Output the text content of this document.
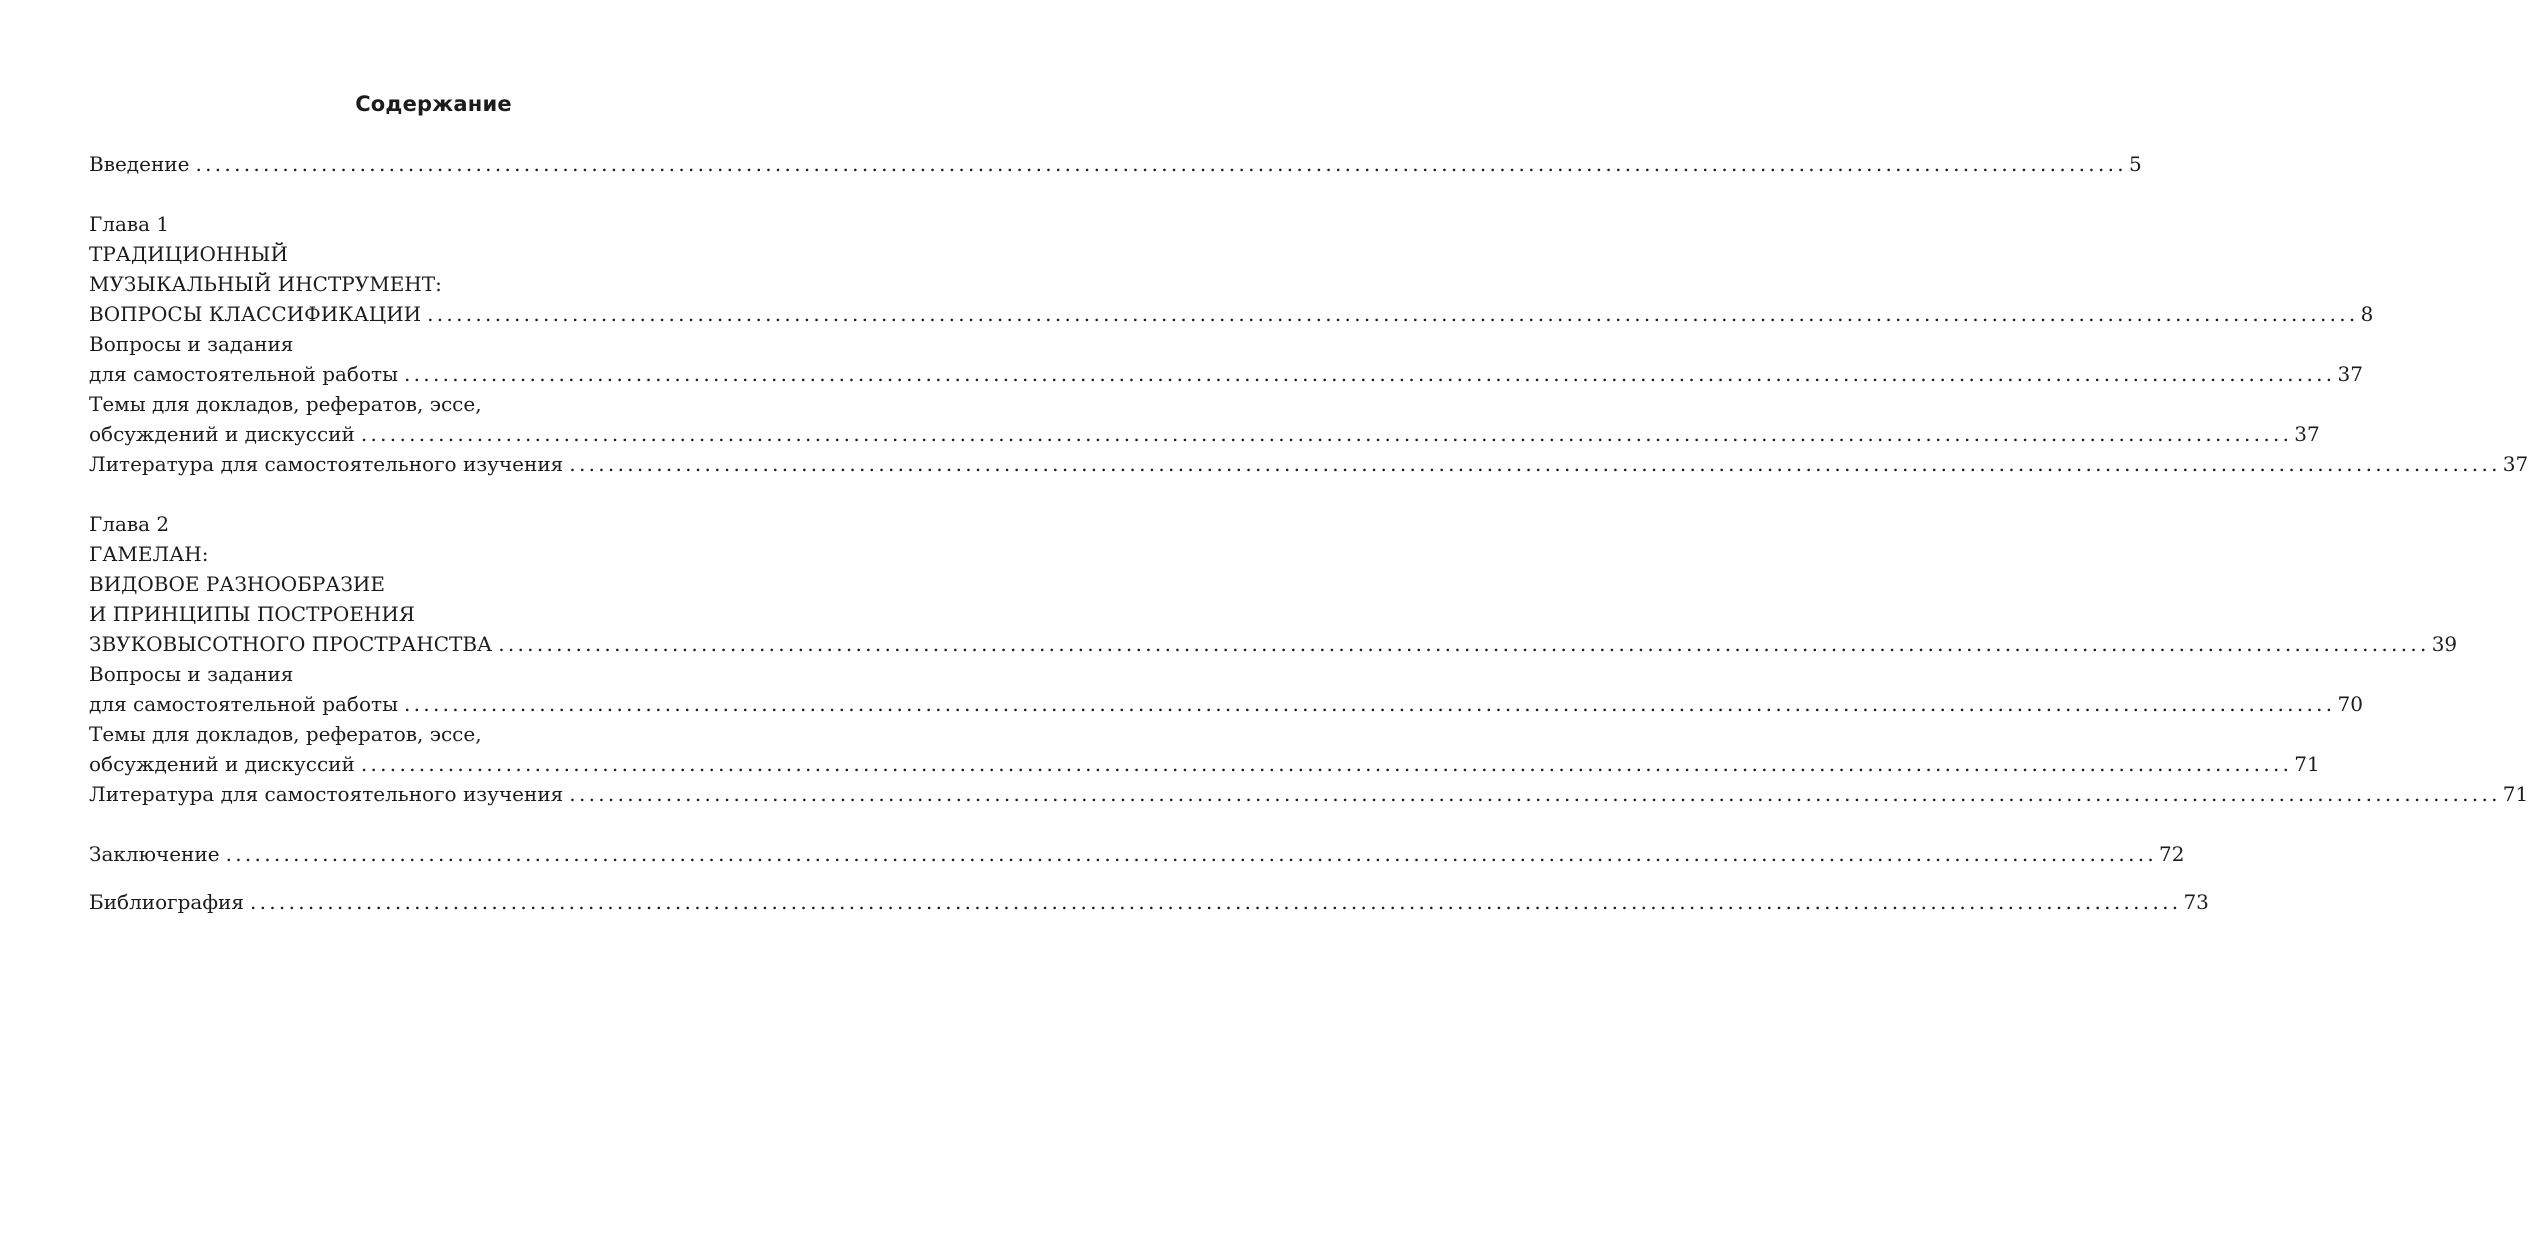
Содержание
Введение ........................................................................................................................................................................................................ 5
Глава 1
ТРАДИЦИОННЫЙ
МУЗЫКАЛЬНЫЙ ИНСТРУМЕНТ:
ВОПРОСЫ КЛАССИФИКАЦИИ ........................................................................................................................................................................................................ 8
Вопросы и задания
для самостоятельной работы ........................................................................................................................................................................................................ 37
Темы для докладов, рефератов, эссе,
обсуждений и дискуссий ........................................................................................................................................................................................................ 37
Литература для самостоятельного изучения ........................................................................................................................................................................................................ 37
Глава 2
ГАМЕЛАН:
ВИДОВОЕ РАЗНООБРАЗИЕ
И ПРИНЦИПЫ ПОСТРОЕНИЯ
ЗВУКОВЫСОТНОГО ПРОСТРАНСТВА ........................................................................................................................................................................................................ 39
Вопросы и задания
для самостоятельной работы ........................................................................................................................................................................................................ 70
Темы для докладов, рефератов, эссе,
обсуждений и дискуссий ........................................................................................................................................................................................................ 71
Литература для самостоятельного изучения ........................................................................................................................................................................................................ 71
Заключение ........................................................................................................................................................................................................ 72
Библиография ........................................................................................................................................................................................................ 73
